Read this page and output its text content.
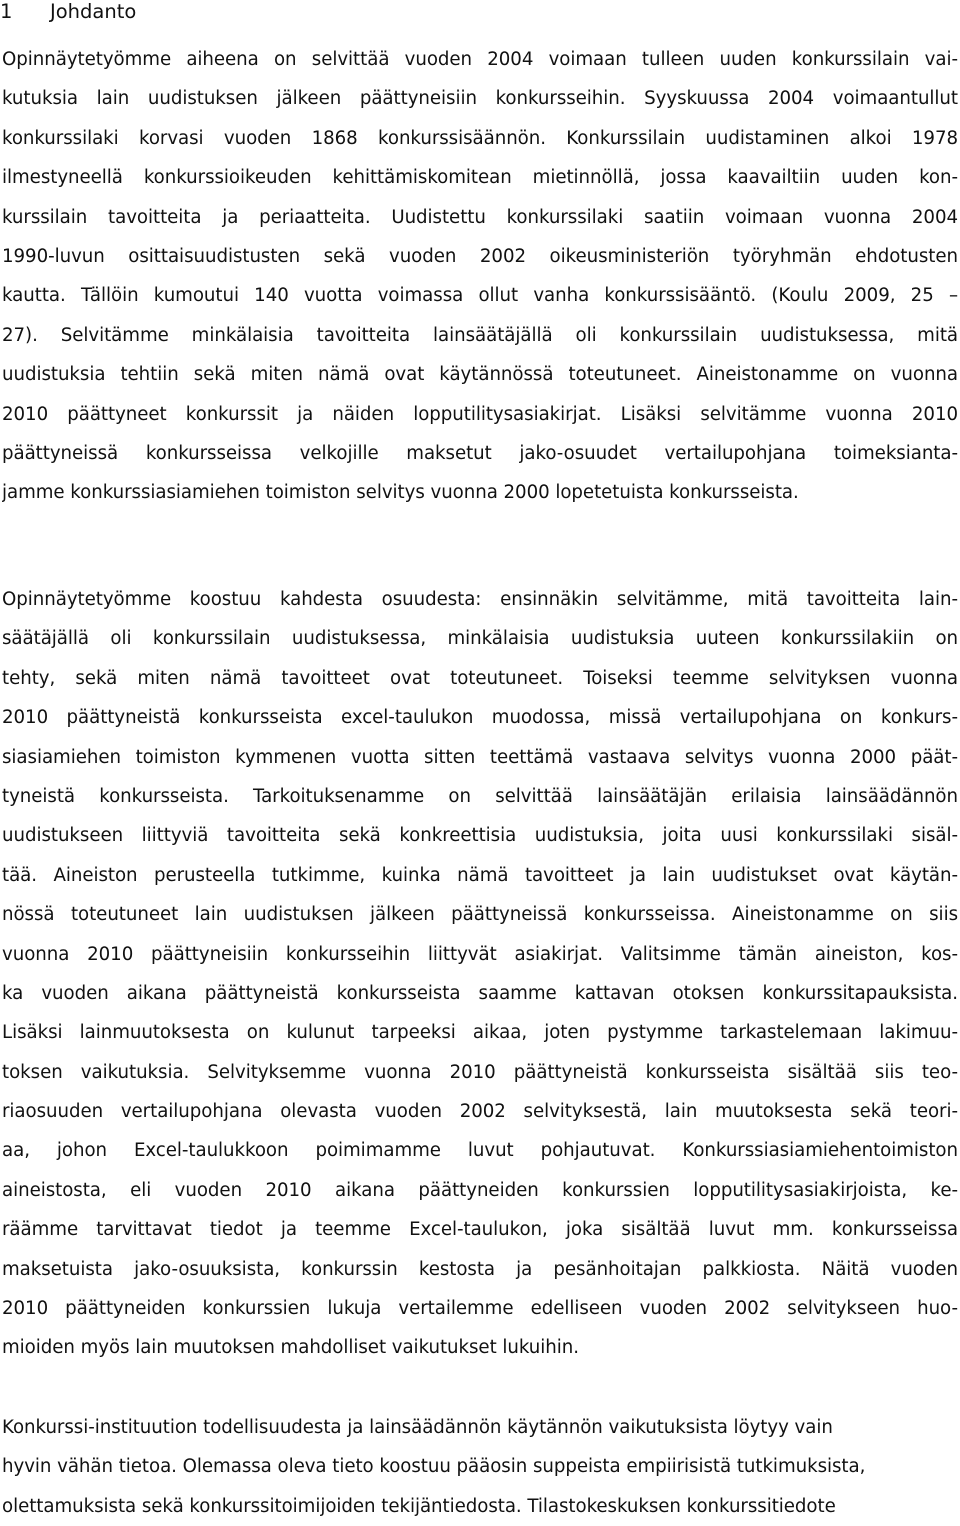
1 Johdanto
Opinnäytetyömme aiheena on selvittää vuoden 2004 voimaan tulleen uuden konkurssilain vai-
kutuksia lain uudistuksen jälkeen päättyneisiin konkursseihin. Syyskuussa 2004 voimaantullut
konkurssilaki korvasi vuoden 1868 konkurssisäännön. Konkurssilain uudistaminen alkoi 1978
ilmestyneellä konkurssioikeuden kehittämiskomitean mietinnöllä, jossa kaavailtiin uuden kon-
kurssilain tavoitteita ja periaatteita. Uudistettu konkurssilaki saatiin voimaan vuonna 2004
1990-luvun osittaisuudistusten sekä vuoden 2002 oikeusministeriön työryhmän ehdotusten
kautta. Tällöin kumoutui 140 vuotta voimassa ollut vanha konkurssisääntö. (Koulu 2009, 25 –
27). Selvitämme minkälaisia tavoitteita lainsäätäjällä oli konkurssilain uudistuksessa, mitä
uudistuksia tehtiin sekä miten nämä ovat käytännössä toteutuneet. Aineistonamme on vuonna
2010 päättyneet konkurssit ja näiden lopputilitysasiakirjat. Lisäksi selvitämme vuonna 2010
päättyneissä konkursseissa velkojille maksetut jako-osuudet vertailupohjana toimeksianta-
jamme konkurssiasiamiehen toimiston selvitys vuonna 2000 lopetetuista konkursseista.
Opinnäytetyömme koostuu kahdesta osuudesta: ensinnäkin selvitämme, mitä tavoitteita lain-
säätäjällä oli konkurssilain uudistuksessa, minkälaisia uudistuksia uuteen konkurssilakiin on
tehty, sekä miten nämä tavoitteet ovat toteutuneet. Toiseksi teemme selvityksen vuonna
2010 päättyneistä konkursseista excel-taulukon muodossa, missä vertailupohjana on konkurs-
siasiamiehen toimiston kymmenen vuotta sitten teettämä vastaava selvitys vuonna 2000 päät-
tyneistä konkursseista. Tarkoituksenamme on selvittää lainsäätäjän erilaisia lainsäädännön
uudistukseen liittyviä tavoitteita sekä konkreettisia uudistuksia, joita uusi konkurssilaki sisäl-
tää. Aineiston perusteella tutkimme, kuinka nämä tavoitteet ja lain uudistukset ovat käytän-
nössä toteutuneet lain uudistuksen jälkeen päättyneissä konkursseissa. Aineistonamme on siis
vuonna 2010 päättyneisiin konkursseihin liittyvät asiakirjat. Valitsimme tämän aineiston, kos-
ka vuoden aikana päättyneistä konkursseista saamme kattavan otoksen konkurssitapauksista.
Lisäksi lainmuutoksesta on kulunut tarpeeksi aikaa, joten pystymme tarkastelemaan lakimuu-
toksen vaikutuksia. Selvityksemme vuonna 2010 päättyneistä konkursseista sisältää siis teo-
riaosuuden vertailupohjana olevasta vuoden 2002 selvityksestä, lain muutoksesta sekä teori-
aa, johon Excel-taulukkoon poimimamme luvut pohjautuvat. Konkurssiasiamiehentoimiston
aineistosta, eli vuoden 2010 aikana päättyneiden konkurssien lopputilitysasiakirjoista, ke-
räämme tarvittavat tiedot ja teemme Excel-taulukon, joka sisältää luvut mm. konkursseissa
maksetuista jako-osuuksista, konkurssin kestosta ja pesänhoitajan palkkiosta. Näitä vuoden
2010 päättyneiden konkurssien lukuja vertailemme edelliseen vuoden 2002 selvitykseen huo-
mioiden myös lain muutoksen mahdolliset vaikutukset lukuihin.
Konkurssi-instituution todellisuudesta ja lainsäädännön käytännön vaikutuksista löytyy vain
hyvin vähän tietoa. Olemassa oleva tieto koostuu pääosin suppeista empiirisistä tutkimuksista,
olettamuksista sekä konkurssitoimijoiden tekijäntiedosta. Tilastokeskuksen konkurssitiedote
